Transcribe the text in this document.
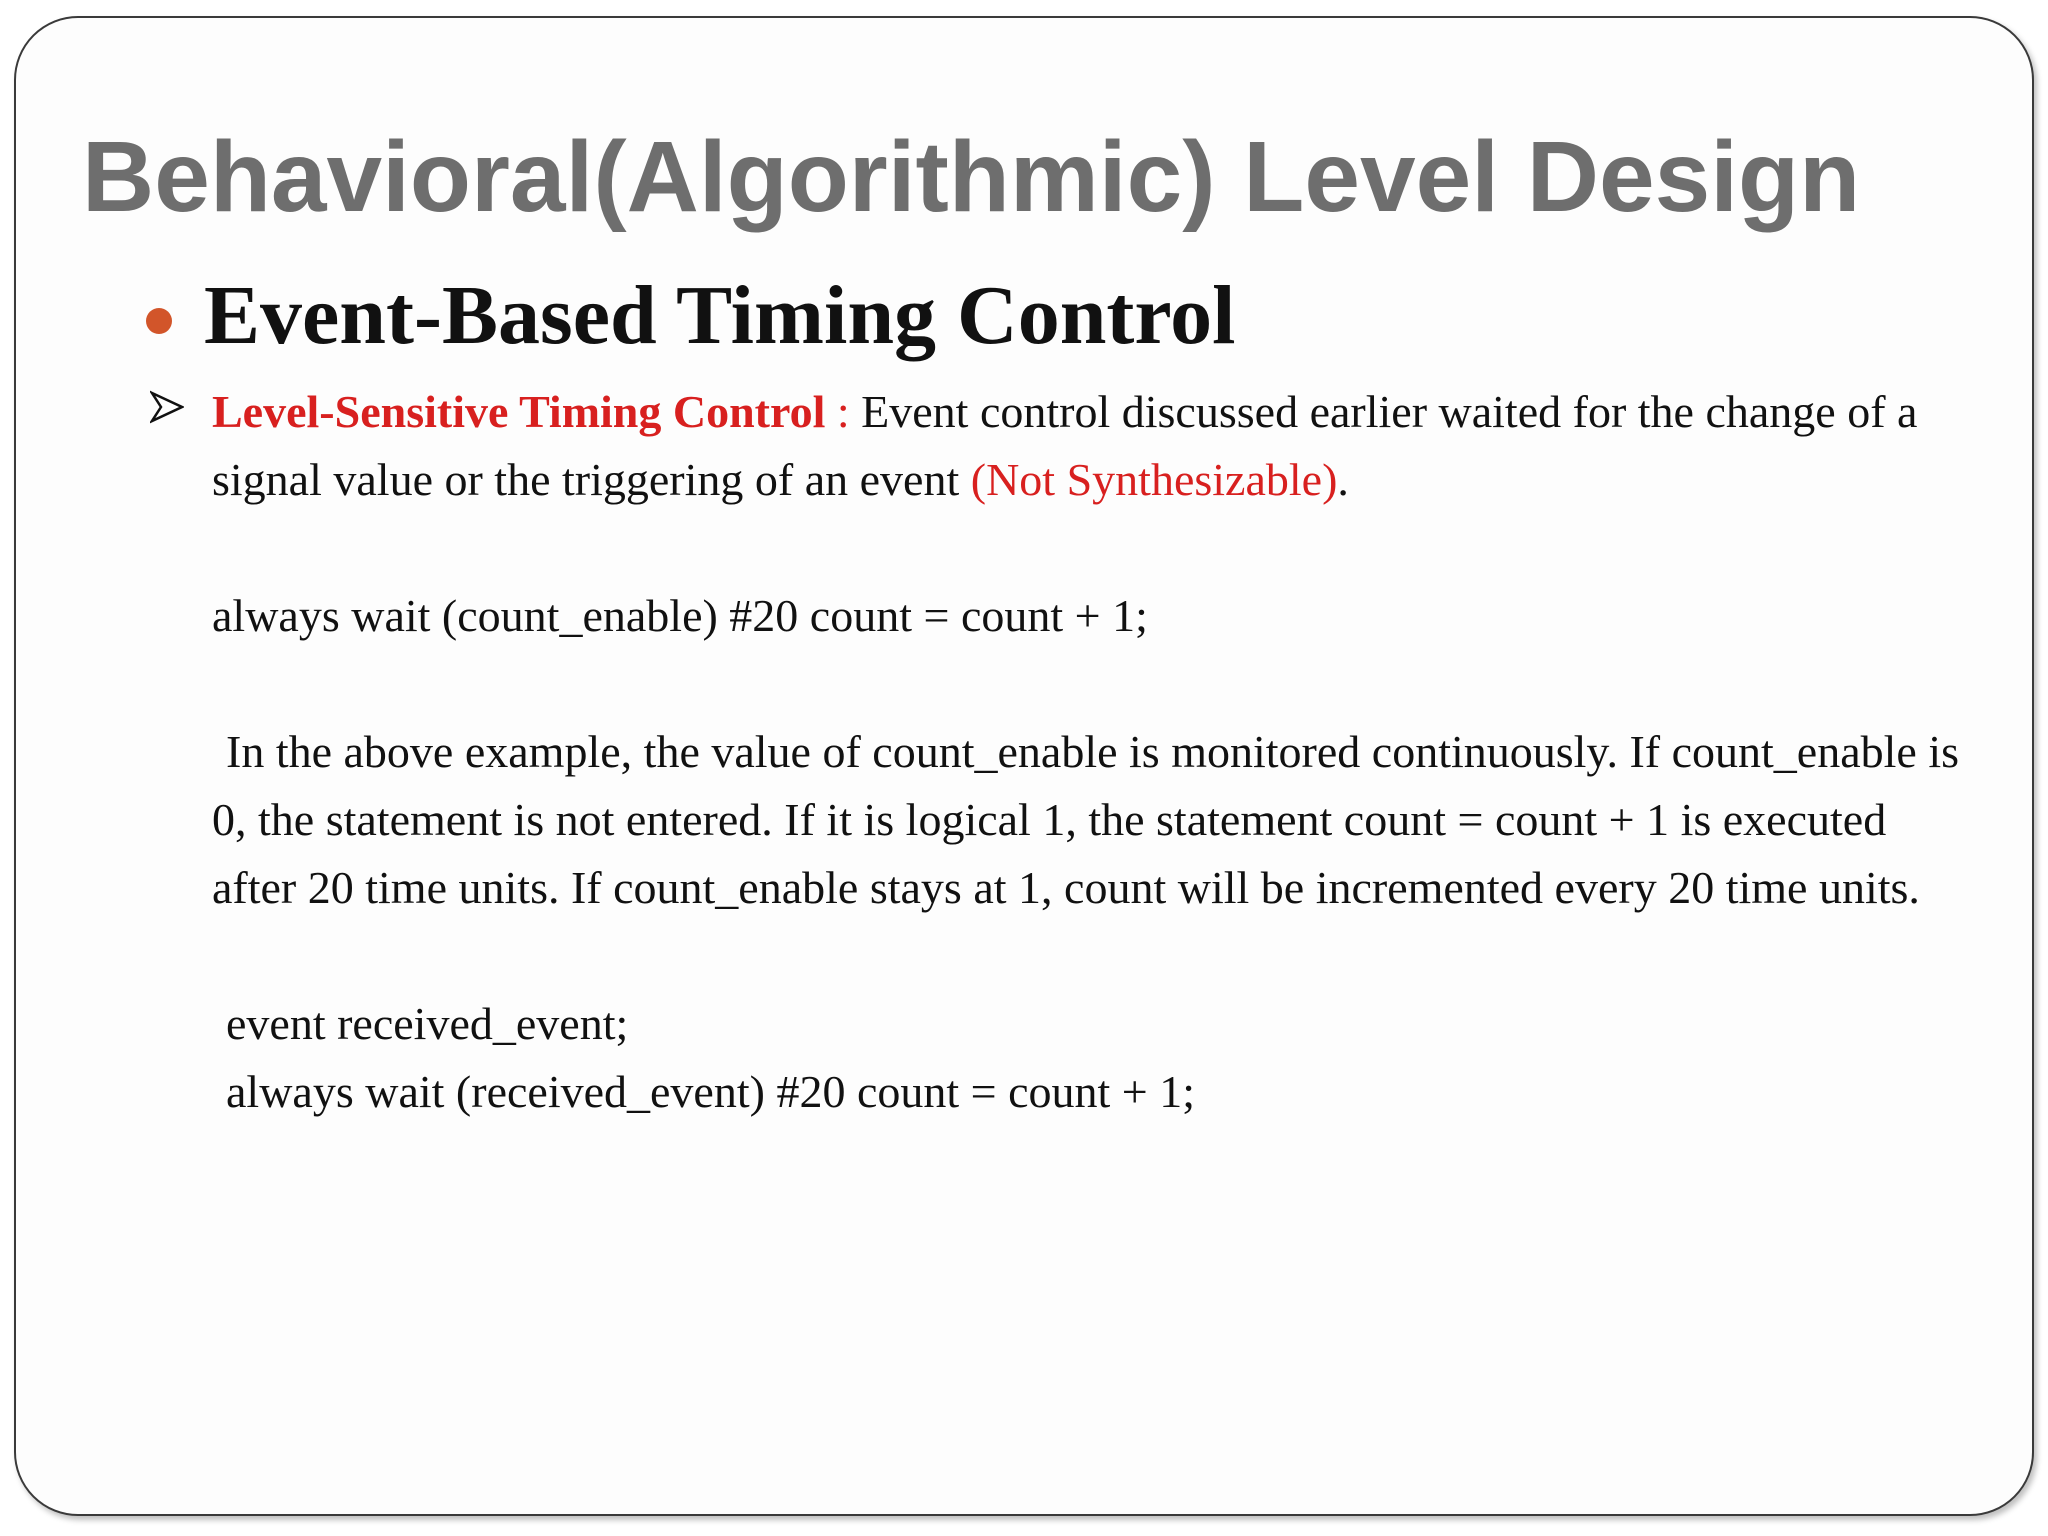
Behavioral(Algorithmic) Level Design
Event-Based Timing Control

Level-Sensitive Timing Control : Event control discussed earlier waited for the change of a signal value or the triggering of an event (Not Synthesizable).

always wait (count_enable) #20 count = count + 1;

In the above example, the value of count_enable is monitored continuously. If count_enable is 0, the statement is not entered. If it is logical 1, the statement count = count + 1 is executed after 20 time units. If count_enable stays at 1, count will be incremented every 20 time units.

event received_event;

always wait (received_event) #20 count = count + 1;
